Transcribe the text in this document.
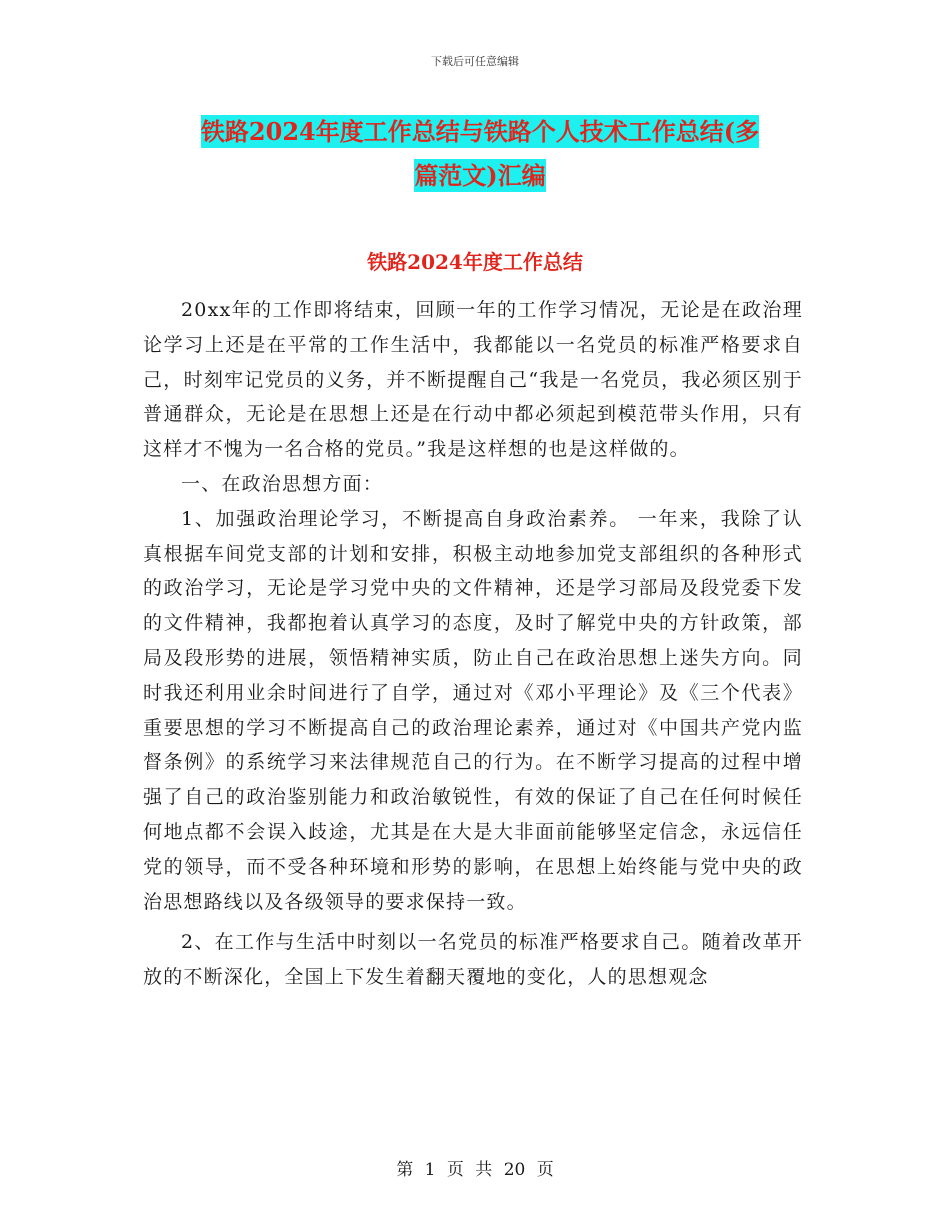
下载后可任意编辑
铁路2024年度工作总结与铁路个人技术工作总结(多
篇范文)汇编
铁路2024年度工作总结

20xx年的工作即将结束，回顾一年的工作学习情况，无论是在政治理论学习上还是在平常的工作生活中，我都能以一名党员的标准严格要求自己，时刻牢记党员的义务，并不断提醒自己“我是一名党员，我必须区别于普通群众，无论是在思想上还是在行动中都必须起到模范带头作用，只有这样才不愧为一名合格的党员。”我是这样想的也是这样做的。

一、在政治思想方面：

1、加强政治理论学习，不断提高自身政治素养。 一年来，我除了认真根据车间党支部的计划和安排，积极主动地参加党支部组织的各种形式的政治学习，无论是学习党中央的文件精神，还是学习部局及段党委下发的文件精神，我都抱着认真学习的态度，及时了解党中央的方针政策，部局及段形势的进展，领悟精神实质，防止自己在政治思想上迷失方向。同时我还利用业余时间进行了自学，通过对《邓小平理论》及《三个代表》重要思想的学习不断提高自己的政治理论素养，通过对《中国共产党内监督条例》的系统学习来法律规范自己的行为。在不断学习提高的过程中增强了自己的政治鉴别能力和政治敏锐性，有效的保证了自己在任何时候任何地点都不会误入歧途，尤其是在大是大非面前能够坚定信念，永远信任党的领导，而不受各种环境和形势的影响，在思想上始终能与党中央的政治思想路线以及各级领导的要求保持一致。

2、在工作与生活中时刻以一名党员的标准严格要求自己。随着改革开放的不断深化，全国上下发生着翻天覆地的变化，人的思想观念

第 1 页 共 20 页
